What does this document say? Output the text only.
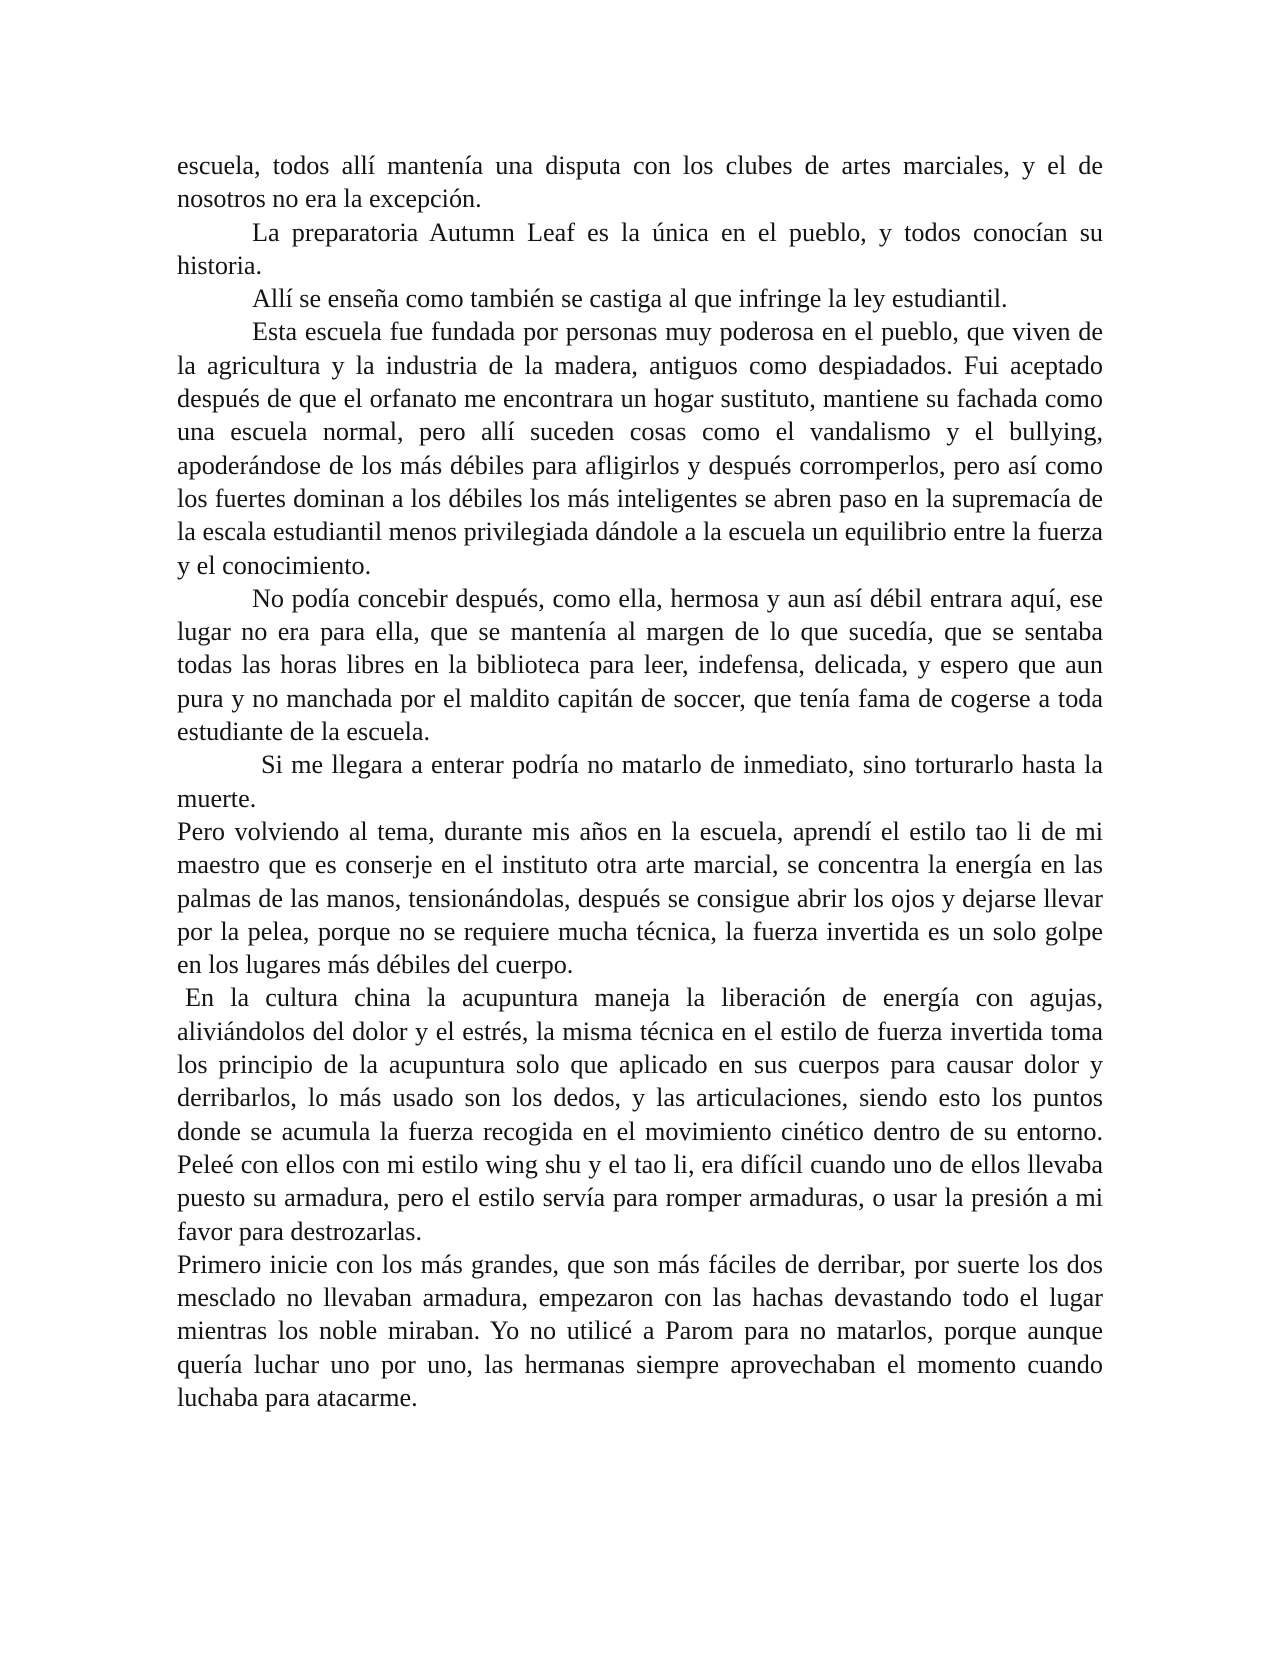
escuela, todos allí mantenía una disputa con los clubes de artes marciales, y el de nosotros no era la excepción.

La preparatoria Autumn Leaf es la única en el pueblo, y todos conocían su historia.

Allí se enseña como también se castiga al que infringe la ley estudiantil.

Esta escuela fue fundada por personas muy poderosa en el pueblo, que viven de la agricultura y la industria de la madera, antiguos como despiadados. Fui aceptado después de que el orfanato me encontrara un hogar sustituto, mantiene su fachada como una escuela normal, pero allí suceden cosas como el vandalismo y el bullying, apoderándose de los más débiles para afligirlos y después corromperlos, pero así como los fuertes dominan a los débiles los más inteligentes se abren paso en la supremacía de la escala estudiantil menos privilegiada dándole a la escuela un equilibrio entre la fuerza y el conocimiento.

No podía concebir después, como ella, hermosa y aun así débil entrara aquí, ese lugar no era para ella, que se mantenía al margen de lo que sucedía, que se sentaba todas las horas libres en la biblioteca para leer, indefensa, delicada, y espero que aun pura y no manchada por el maldito capitán de soccer, que tenía fama de cogerse a toda estudiante de la escuela.

Si me llegara a enterar podría no matarlo de inmediato, sino torturarlo hasta la muerte.

Pero volviendo al tema, durante mis años en la escuela, aprendí el estilo tao li de mi maestro que es conserje en el instituto otra arte marcial, se concentra la energía en las palmas de las manos, tensionándolas, después se consigue abrir los ojos y dejarse llevar por la pelea, porque no se requiere mucha técnica, la fuerza invertida es un solo golpe en los lugares más débiles del cuerpo.

En la cultura china la acupuntura maneja la liberación de energía con agujas, aliviándolos del dolor y el estrés, la misma técnica en el estilo de fuerza invertida toma los principio de la acupuntura solo que aplicado en sus cuerpos para causar dolor y derribarlos, lo más usado son los dedos, y las articulaciones, siendo esto los puntos donde se acumula la fuerza recogida en el movimiento cinético dentro de su entorno. Peleé con ellos con mi estilo wing shu y el tao li, era difícil cuando uno de ellos llevaba puesto su armadura, pero el estilo servía para romper armaduras, o usar la presión a mi favor para destrozarlas.

Primero inicie con los más grandes, que son más fáciles de derribar, por suerte los dos mesclado no llevaban armadura, empezaron con las hachas devastando todo el lugar mientras los noble miraban. Yo no utilicé a Parom para no matarlos, porque aunque quería luchar uno por uno, las hermanas siempre aprovechaban el momento cuando luchaba para atacarme.
